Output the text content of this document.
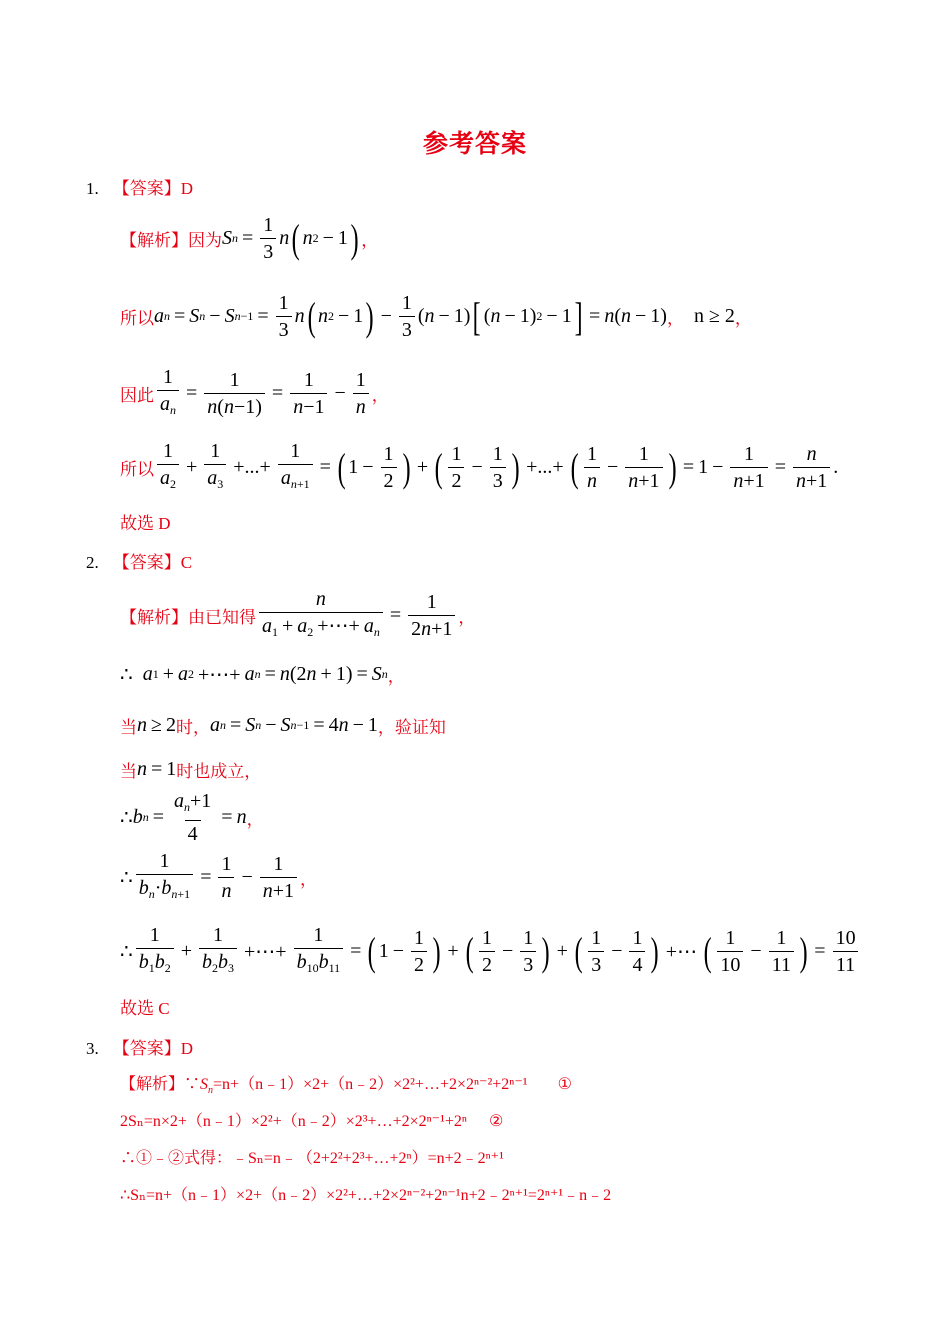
参考答案
1. 【答案】D
【解析】因为 S $n = \frac{1}{3}$ n ( n 2 − 1 ) ，
所以 a n = S n − S $n-1 = \frac{1}{3}$ n ( n 2 − 1 ) − $\frac{1}{3}$ ( n − 1) [ ( n − 1) 2 − 1 ] = n ( n − 1) ， n ≥ 2 ，
因此 $\frac{1}{a_n} = \frac{1}{n(n-1)} = \frac{1}{n-1} - \frac{1}{n}$ ，
所以 $\frac{1}{a_2} + \frac{1}{a_3}$ +...+ $\frac{1}{a_{n+1}}$ = ( $1 - \frac{1}{2}$ ) + ( $\frac{1}{2} - \frac{1}{3}$ ) +...+ ( $\frac{1}{n} - \frac{1}{n+1}$ ) = $1 - \frac{1}{n+1} = \frac{n}{n+1}$ .
故选 D
2. 【答案】C
【解析】由已知得 $\frac{n}{a_1 + a_2 +\cdots+ a_n} = \frac{1}{2n+1}$ ，
∴ a 1 + a 2 +⋯+ a n = n (2 n + 1) = S n ，
当 n ≥ 2 时， a n = S n − S n−1 = 4 n − 1 ，验证知
当 n = 1 时也成立，
∴ b $n = \frac{a_n+1}{4} = n$ ，
∴ $\frac{1}{b_n\cdot b_{n+1}} = \frac{1}{n} - \frac{1}{n+1}$ ，
∴ $\frac{1}{b_1b_2} + \frac{1}{b_2b_3}$ +⋯+ $\frac{1}{b_{10}b_{11}}$ = ( $1 - \frac{1}{2}$ ) + ( $\frac{1}{2} - \frac{1}{3}$ ) + ( $\frac{1}{3} - \frac{1}{4}$ ) +⋯ ( $\frac{1}{10} - \frac{1}{11}$ ) = $\frac{10}{11}$
故选 C
3. 【答案】D
【解析】$\because S_n=n+(n﹣1)\times 2+(n﹣2)\times 2^2+\dots+2\times 2^{n-2}+2^{n-1}$ ①
2Sₙ=n×2+（n﹣1）×2²+（n﹣2）×2³+…+2×2ⁿ⁻¹+2ⁿ ②
∴①﹣②式得：﹣Sₙ=n﹣（2+2²+2³+…+2ⁿ）=n+2﹣2ⁿ⁺¹
∴Sₙ=n+（n﹣1）×2+（n﹣2）×2²+…+2×2ⁿ⁻²+2ⁿ⁻¹n+2﹣2ⁿ⁺¹=2ⁿ⁺¹﹣n﹣2
